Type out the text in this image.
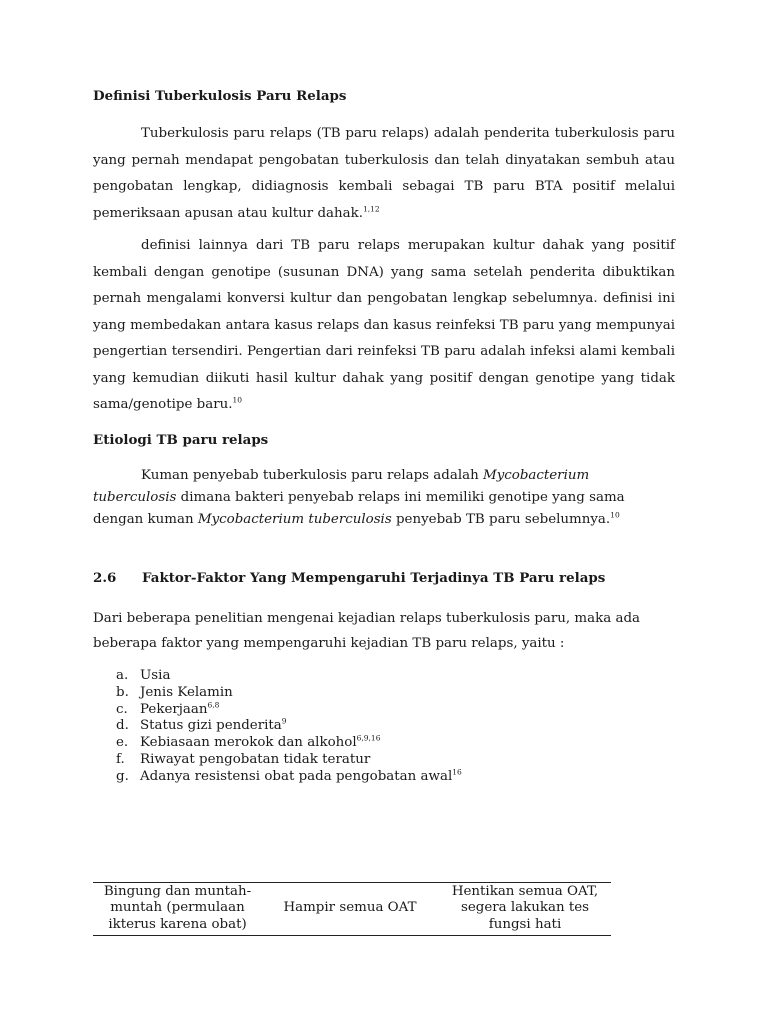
Definisi Tuberkulosis Paru Relaps

Tuberkulosis paru relaps (TB paru relaps) adalah penderita tuberkulosis paru yang pernah mendapat pengobatan tuberkulosis dan telah dinyatakan sembuh atau pengobatan lengkap, didiagnosis kembali sebagai TB paru BTA positif melalui pemeriksaan apusan atau kultur dahak.$^{1,12}$

definisi lainnya dari TB paru relaps merupakan kultur dahak yang positif kembali dengan genotipe (susunan DNA) yang sama setelah penderita dibuktikan pernah mengalami konversi kultur dan pengobatan lengkap sebelumnya. definisi ini yang membedakan antara kasus relaps dan kasus reinfeksi TB paru yang mempunyai pengertian tersendiri. Pengertian dari reinfeksi TB paru adalah infeksi alami kembali yang kemudian diikuti hasil kultur dahak yang positif dengan genotipe yang tidak sama/genotipe baru.$^{10}$

Etiologi TB paru relaps

Kuman penyebab tuberkulosis paru relaps adalah Mycobacterium tuberculosis dimana bakteri penyebab relaps ini memiliki genotipe yang sama dengan kuman Mycobacterium tuberculosis penyebab TB paru sebelumnya.$^{10}$

2.6 Faktor-Faktor Yang Mempengaruhi Terjadinya TB Paru relaps

Dari beberapa penelitian mengenai kejadian relaps tuberkulosis paru, maka ada beberapa faktor yang mempengaruhi kejadian TB paru relaps, yaitu :

a. Usia
b. Jenis Kelamin
c. Pekerjaan$^{6,8}$
d. Status gizi penderita$^9$
e. Kebiasaan merokok dan alkohol$^{6,9,16}$
f. Riwayat pengobatan tidak teratur
g. Adanya resistensi obat pada pengobatan awal$^{16}$
Bingung dan muntah-muntah (permulaan ikterus karena obat)
Hampir semua OAT
Hentikan semua OAT, segera lakukan tes fungsi hati
